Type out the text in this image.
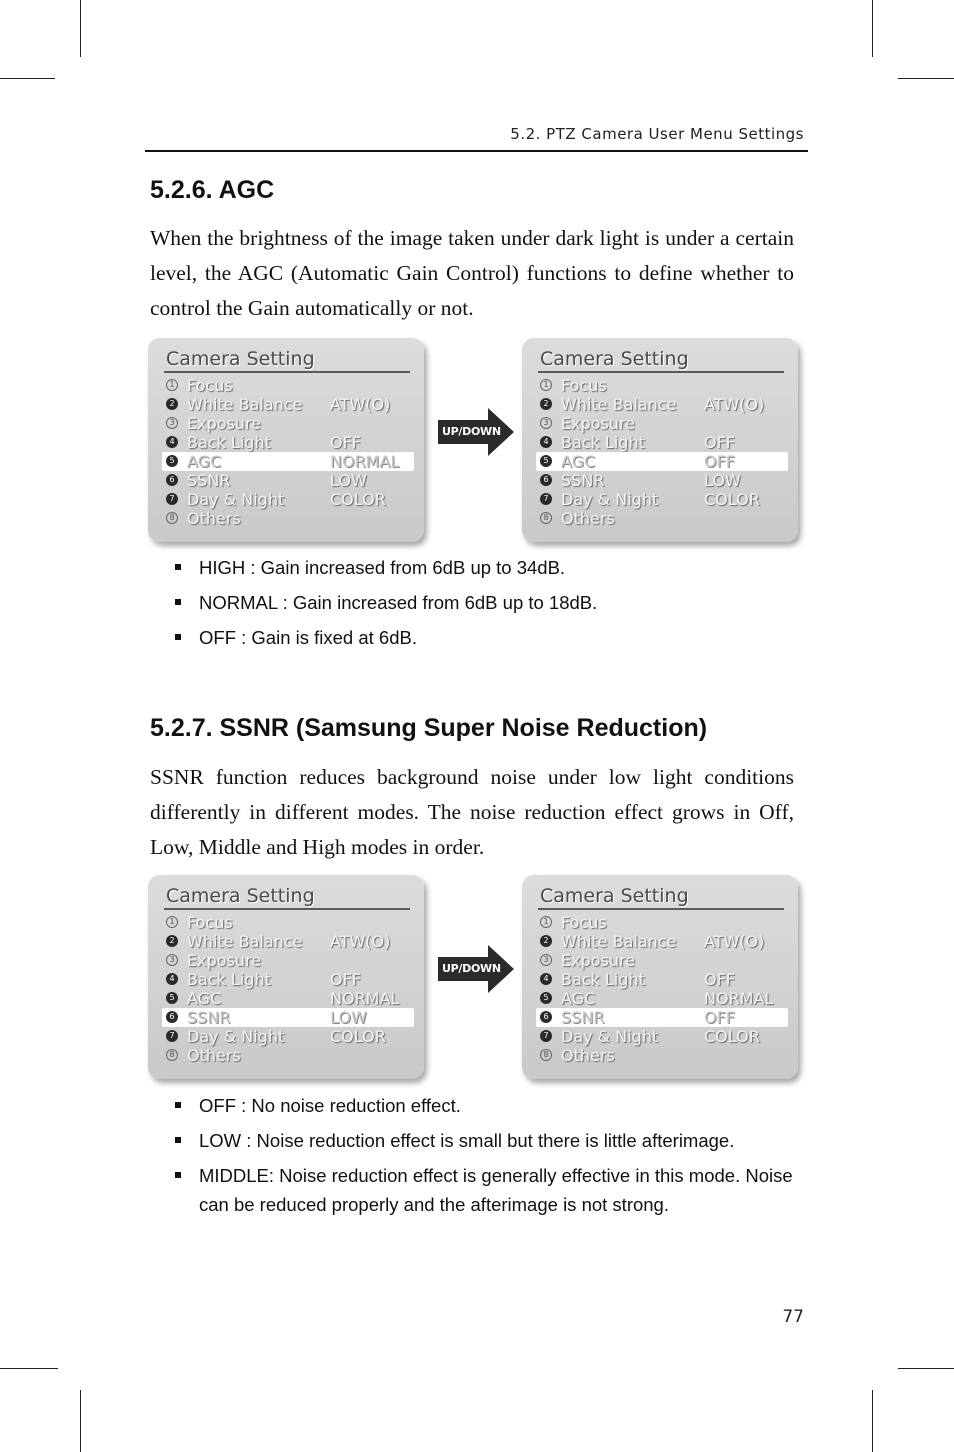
5.2. PTZ Camera User Menu Settings
5.2.6. AGC

When the brightness of the image taken under dark light is under a certain level, the AGC (Automatic Gain Control) functions to define whether to control the Gain automatically or not.

Camera Setting
1 Focus
2 White Balance ATW(O)
3 Exposure
4 Back Light	OFF
5 AGC	NORMAL
6 SSNR	LOW
7 Day & Night	COLOR
8 Others
UP/DOWN
Camera Setting
1 Focus
2 White Balance ATW(O)
3 Exposure
4 Back Light	OFF
5 AGC	OFF
6 SSNR	LOW
7 Day & Night	COLOR
8 Others
HIGH : Gain increased from 6dB up to 34dB.
NORMAL : Gain increased from 6dB up to 18dB.
OFF : Gain is fixed at 6dB.
5.2.7. SSNR (Samsung Super Noise Reduction)

SSNR function reduces background noise under low light conditions differently in different modes. The noise reduction effect grows in Off, Low, Middle and High modes in order.

Camera Setting
1 Focus
2 White Balance ATW(O)
3 Exposure
4 Back Light	OFF
5 AGC	NORMAL
6 SSNR	LOW
7 Day & Night	COLOR
8 Others
UP/DOWN
Camera Setting
1 Focus
2 White Balance ATW(O)
3 Exposure
4 Back Light	OFF
5 AGC	NORMAL
6 SSNR	OFF
7 Day & Night	COLOR
8 Others
OFF : No noise reduction effect.
LOW : Noise reduction effect is small but there is little afterimage.
MIDDLE: Noise reduction effect is generally effective in this mode. Noise can be reduced properly and the afterimage is not strong.
77
